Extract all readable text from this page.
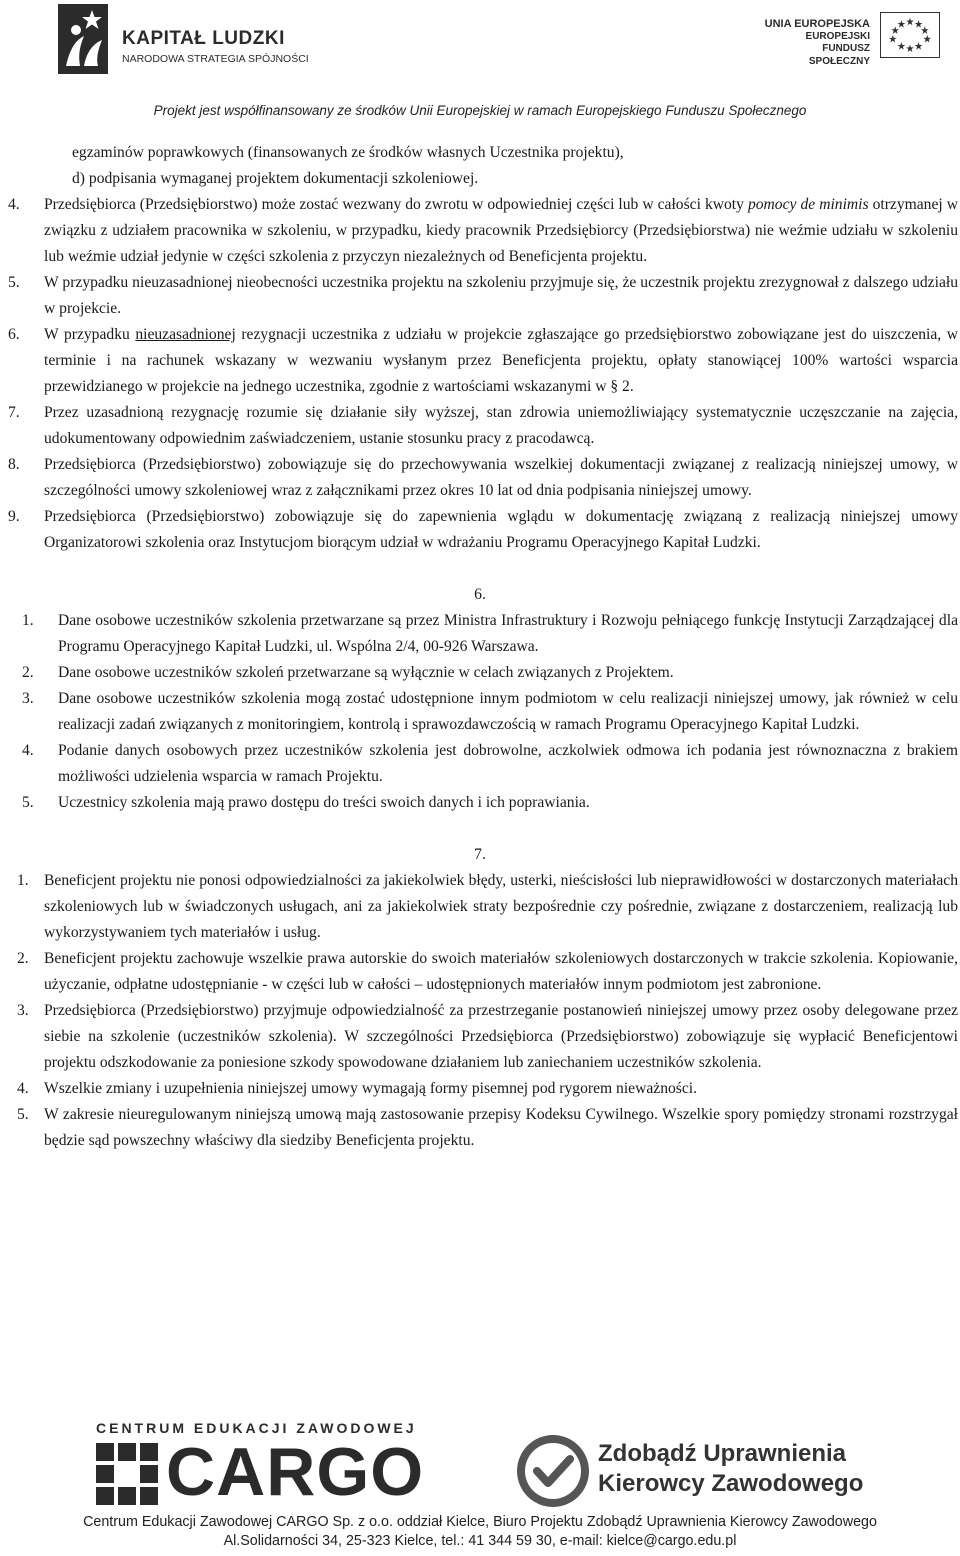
KAPITAŁ LUDZKI
NARODOWA STRATEGIA SPÓJNOŚCI
UNIA EUROPEJSKA
EUROPEJSKI
FUNDUSZ SPOŁECZNY
Projekt jest współfinansowany ze środków Unii Europejskiej w ramach Europejskiego Funduszu Społecznego
egzaminów poprawkowych (finansowanych ze środków własnych Uczestnika projektu),
d) podpisania wymaganej projektem dokumentacji szkoleniowej.
4. Przedsiębiorca (Przedsiębiorstwo) może zostać wezwany do zwrotu w odpowiedniej części lub w całości kwoty pomocy de minimis otrzymanej w związku z udziałem pracownika w szkoleniu, w przypadku, kiedy pracownik Przedsiębiorcy (Przedsiębiorstwa) nie weźmie udziału w szkoleniu lub weźmie udział jedynie w części szkolenia z przyczyn niezależnych od Beneficjenta projektu.
5. W przypadku nieuzasadnionej nieobecności uczestnika projektu na szkoleniu przyjmuje się, że uczestnik projektu zrezygnował z dalszego udziału w projekcie.
6. W przypadku nieuzasadnionej rezygnacji uczestnika z udziału w projekcie zgłaszające go przedsiębiorstwo zobowiązane jest do uiszczenia, w terminie i na rachunek wskazany w wezwaniu wysłanym przez Beneficjenta projektu, opłaty stanowiącej 100% wartości wsparcia przewidzianego w projekcie na jednego uczestnika, zgodnie z wartościami wskazanymi w § 2.
7. Przez uzasadnioną rezygnację rozumie się działanie siły wyższej, stan zdrowia uniemożliwiający systematycznie uczęszczanie na zajęcia, udokumentowany odpowiednim zaświadczeniem, ustanie stosunku pracy z pracodawcą.
8. Przedsiębiorca (Przedsiębiorstwo) zobowiązuje się do przechowywania wszelkiej dokumentacji związanej z realizacją niniejszej umowy, w szczególności umowy szkoleniowej wraz z załącznikami przez okres 10 lat od dnia podpisania niniejszej umowy.
9. Przedsiębiorca (Przedsiębiorstwo) zobowiązuje się do zapewnienia wglądu w dokumentację związaną z realizacją niniejszej umowy Organizatorowi szkolenia oraz Instytucjom biorącym udział w wdrażaniu Programu Operacyjnego Kapitał Ludzki.
6.
1. Dane osobowe uczestników szkolenia przetwarzane są przez Ministra Infrastruktury i Rozwoju pełniącego funkcję Instytucji Zarządzającej dla Programu Operacyjnego Kapitał Ludzki, ul. Wspólna 2/4, 00-926 Warszawa.
2. Dane osobowe uczestników szkoleń przetwarzane są wyłącznie w celach związanych z Projektem.
3. Dane osobowe uczestników szkolenia mogą zostać udostępnione innym podmiotom w celu realizacji niniejszej umowy, jak również w celu realizacji zadań związanych z monitoringiem, kontrolą i sprawozdawczością w ramach Programu Operacyjnego Kapitał Ludzki.
4. Podanie danych osobowych przez uczestników szkolenia jest dobrowolne, aczkolwiek odmowa ich podania jest równoznaczna z brakiem możliwości udzielenia wsparcia w ramach Projektu.
5. Uczestnicy szkolenia mają prawo dostępu do treści swoich danych i ich poprawiania.
7.
1. Beneficjent projektu nie ponosi odpowiedzialności za jakiekolwiek błędy, usterki, nieścisłości lub nieprawidłowości w dostarczonych materiałach szkoleniowych lub w świadczonych usługach, ani za jakiekolwiek straty bezpośrednie czy pośrednie, związane z dostarczeniem, realizacją lub wykorzystywaniem tych materiałów i usług.
2. Beneficjent projektu zachowuje wszelkie prawa autorskie do swoich materiałów szkoleniowych dostarczonych w trakcie szkolenia. Kopiowanie, użyczanie, odpłatne udostępnianie - w części lub w całości – udostępnionych materiałów innym podmiotom jest zabronione.
3. Przedsiębiorca (Przedsiębiorstwo) przyjmuje odpowiedzialność za przestrzeganie postanowień niniejszej umowy przez osoby delegowane przez siebie na szkolenie (uczestników szkolenia). W szczególności Przedsiębiorca (Przedsiębiorstwo) zobowiązuje się wypłacić Beneficjentowi projektu odszkodowanie za poniesione szkody spowodowane działaniem lub zaniechaniem uczestników szkolenia.
4. Wszelkie zmiany i uzupełnienia niniejszej umowy wymagają formy pisemnej pod rygorem nieważności.
5. W zakresie nieuregulowanym niniejszą umową mają zastosowanie przepisy Kodeksu Cywilnego. Wszelkie spory pomiędzy stronami rozstrzygał będzie sąd powszechny właściwy dla siedziby Beneficjenta projektu.
CENTRUM EDUKACJI ZAWODOWEJ
CARGO	Zdobądź Uprawnienia
Kierowcy Zawodowego
Centrum Edukacji Zawodowej CARGO Sp. z o.o. oddział Kielce, Biuro Projektu Zdobądź Uprawnienia Kierowcy Zawodowego
Al.Solidarności 34, 25-323 Kielce, tel.: 41 344 59 30, e-mail: kielce@cargo.edu.pl
